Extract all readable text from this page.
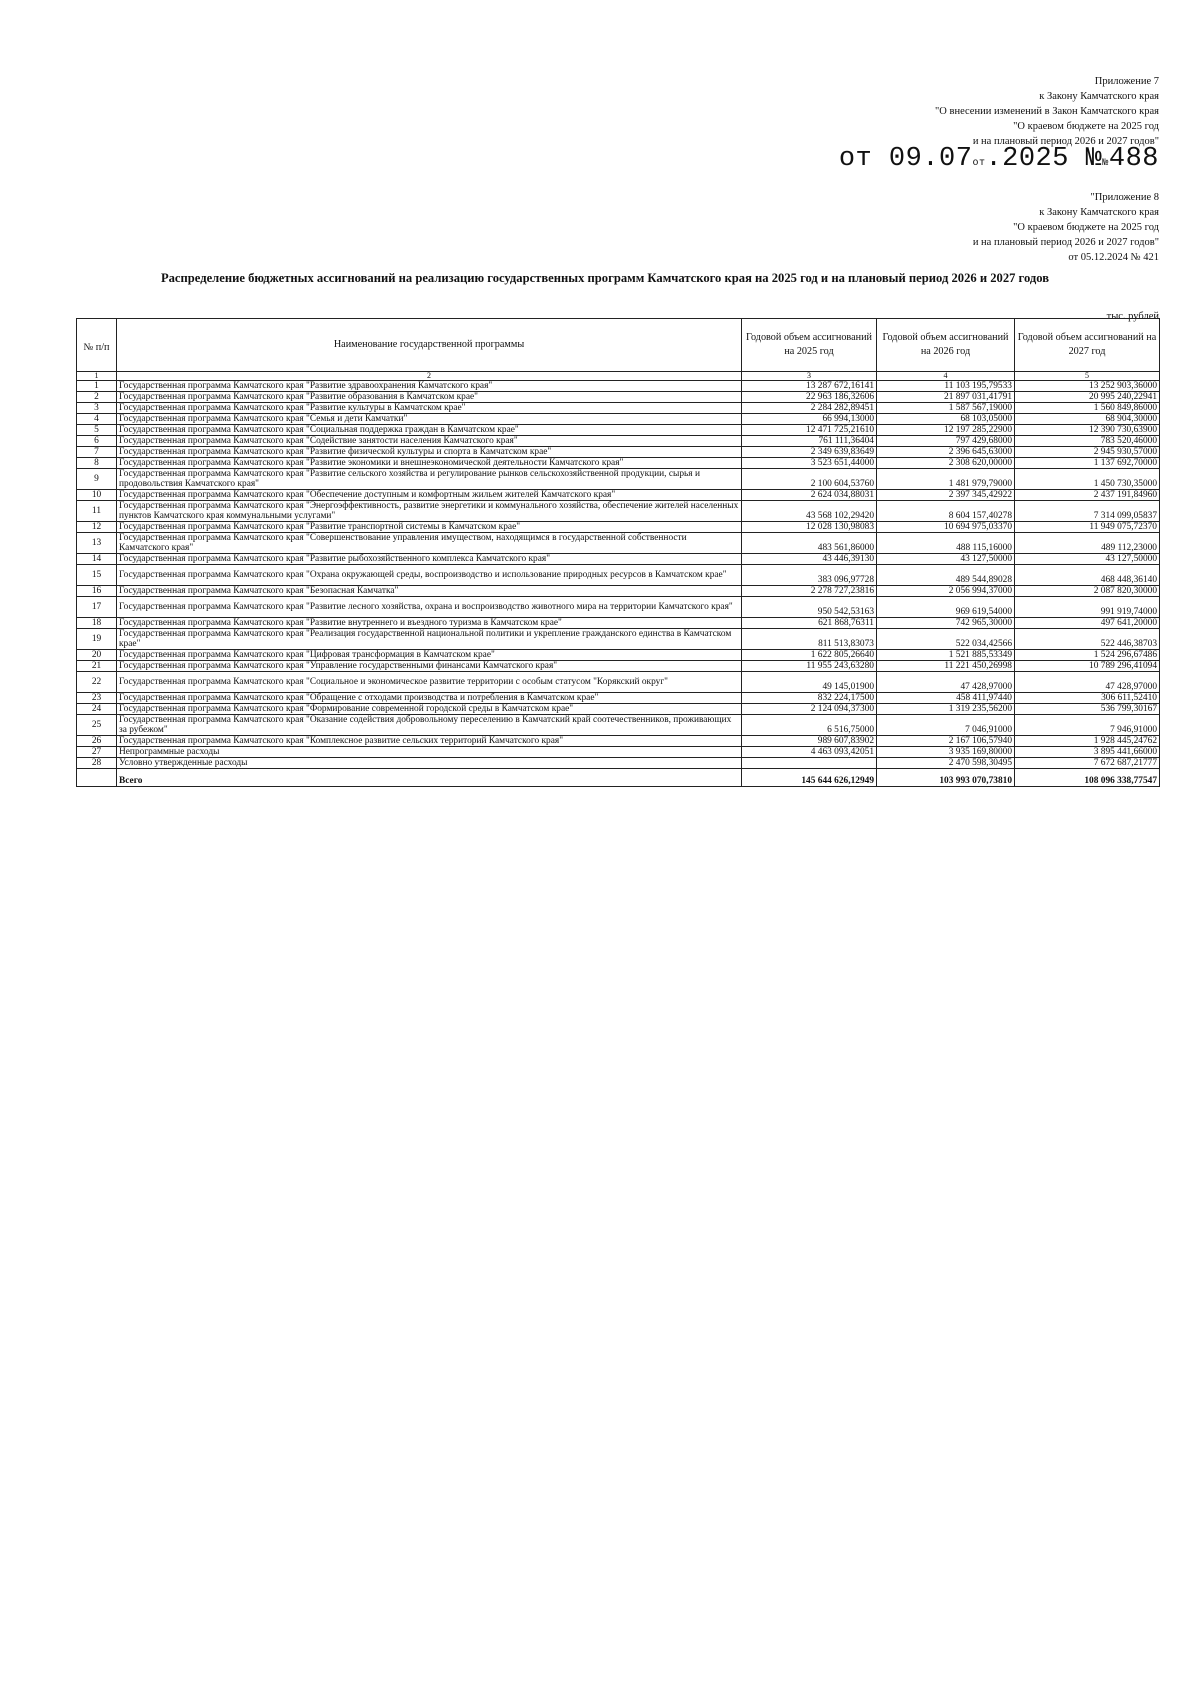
Приложение 7
к Закону Камчатского края
"О внесении изменений в Закон Камчатского края
"О краевом бюджете на 2025 год
и на плановый период 2026 и 2027 годов"
от 09.07от.2025 №№488
"Приложение 8
к Закону Камчатского края
"О краевом бюджете на 2025 год
и на плановый период 2026 и 2027 годов"
от 05.12.2024 № 421
Распределение бюджетных ассигнований на реализацию государственных программ Камчатского края на 2025 год и на плановый период 2026 и 2027 годов
тыс. рублей
№ п/п	Наименование государственной программы	Годовой объем ассигнований на 2025 год	Годовой объем ассигнований на 2026 год	Годовой объем ассигнований на 2027 год
1	2	3	4	5
1	Государственная программа Камчатского края "Развитие здравоохранения Камчатского края"	13 287 672,16141	11 103 195,79533	13 252 903,36000
2	Государственная программа Камчатского края "Развитие образования в Камчатском крае"	22 963 186,32606	21 897 031,41791	20 995 240,22941
3	Государственная программа Камчатского края "Развитие культуры в Камчатском крае"	2 284 282,89451	1 587 567,19000	1 560 849,86000
4	Государственная программа Камчатского края "Семья и дети Камчатки"	66 994,13000	68 103,05000	68 904,30000
5	Государственная программа Камчатского края "Социальная поддержка граждан в Камчатском крае"	12 471 725,21610	12 197 285,22900	12 390 730,63900
6	Государственная программа Камчатского края "Содействие занятости населения Камчатского края"	761 111,36404	797 429,68000	783 520,46000
7	Государственная программа Камчатского края "Развитие физической культуры и спорта в Камчатском крае"	2 349 639,83649	2 396 645,63000	2 945 930,57000
8	Государственная программа Камчатского края "Развитие экономики и внешнеэкономической деятельности Камчатского края"	3 523 651,44000	2 308 620,00000	1 137 692,70000
9	Государственная программа Камчатского края "Развитие сельского хозяйства и регулирование рынков сельскохозяйственной продукции, сырья и продовольствия Камчатского края"	2 100 604,53760	1 481 979,79000	1 450 730,35000
10	Государственная программа Камчатского края "Обеспечение доступным и комфортным жильем жителей Камчатского края"	2 624 034,88031	2 397 345,42922	2 437 191,84960
11	Государственная программа Камчатского края "Энергоэффективность, развитие энергетики и коммунального хозяйства, обеспечение жителей населенных пунктов Камчатского края коммунальными услугами"	43 568 102,29420	8 604 157,40278	7 314 099,05837
12	Государственная программа Камчатского края "Развитие транспортной системы в Камчатском крае"	12 028 130,98083	10 694 975,03370	11 949 075,72370
13	Государственная программа Камчатского края "Совершенствование управления имуществом, находящимся в государственной собственности Камчатского края"	483 561,86000	488 115,16000	489 112,23000
14	Государственная программа Камчатского края "Развитие рыбохозяйственного комплекса Камчатского края"	43 446,39130	43 127,50000	43 127,50000
15	Государственная программа Камчатского края "Охрана окружающей среды, воспроизводство и использование природных ресурсов в Камчатском крае"	383 096,97728	489 544,89028	468 448,36140
16	Государственная программа Камчатского края "Безопасная Камчатка"	2 278 727,23816	2 056 994,37000	2 087 820,30000
17	Государственная программа Камчатского края "Развитие лесного хозяйства, охрана и воспроизводство животного мира на территории Камчатского края"	950 542,53163	969 619,54000	991 919,74000
18	Государственная программа Камчатского края "Развитие внутреннего и въездного туризма в Камчатском крае"	621 868,76311	742 965,30000	497 641,20000
19	Государственная программа Камчатского края "Реализация государственной национальной политики и укрепление гражданского единства в Камчатском крае"	811 513,83073	522 034,42566	522 446,38703
20	Государственная программа Камчатского края "Цифровая трансформация в Камчатском крае"	1 622 805,26640	1 521 885,53349	1 524 296,67486
21	Государственная программа Камчатского края "Управление государственными финансами Камчатского края"	11 955 243,63280	11 221 450,26998	10 789 296,41094
22	Государственная программа Камчатского края "Социальное и экономическое развитие территории с особым статусом "Корякский округ"	49 145,01900	47 428,97000	47 428,97000
23	Государственная программа Камчатского края "Обращение с отходами производства и потребления в Камчатском крае"	832 224,17500	458 411,97440	306 611,52410
24	Государственная программа Камчатского края "Формирование современной городской среды в Камчатском крае"	2 124 094,37300	1 319 235,56200	536 799,30167
25	Государственная программа Камчатского края "Оказание содействия добровольному переселению в Камчатский край соотечественников, проживающих за рубежом"	6 516,75000	7 046,91000	7 946,91000
26	Государственная программа Камчатского края "Комплексное развитие сельских территорий Камчатского края"	989 607,83902	2 167 106,57940	1 928 445,24762
27	Непрограммные расходы	4 463 093,42051	3 935 169,80000	3 895 441,66000
28	Условно утвержденные расходы		2 470 598,30495	7 672 687,21777
	Всего	145 644 626,12949	103 993 070,73810	108 096 338,77547
